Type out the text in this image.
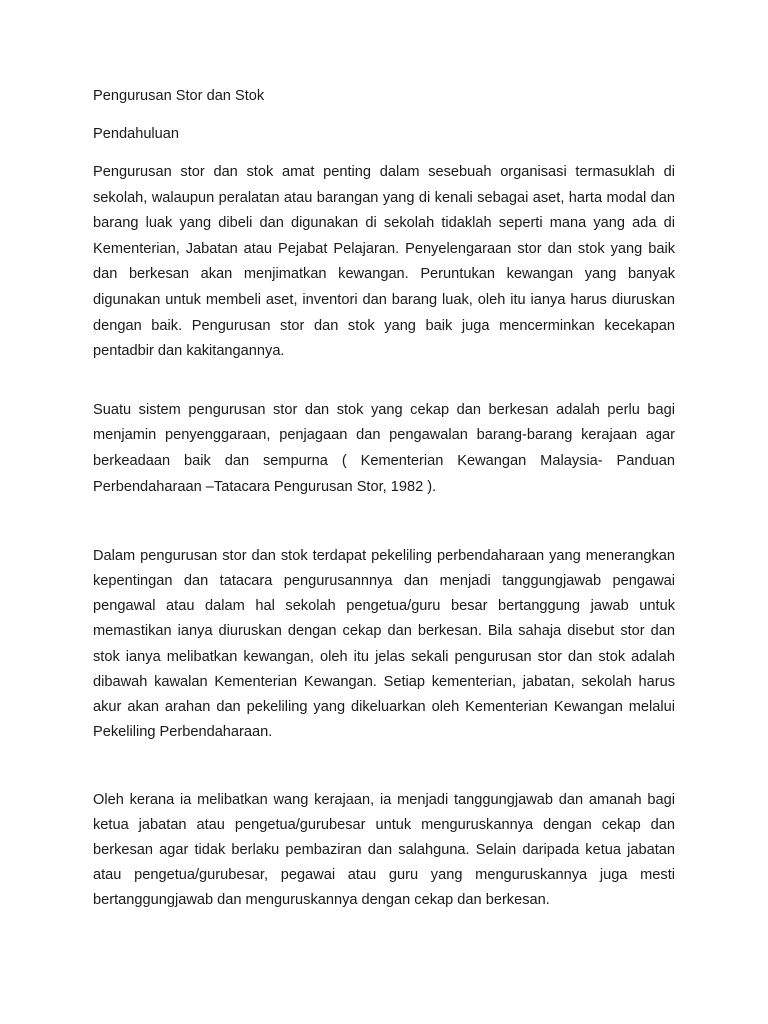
Pengurusan Stor dan Stok

Pendahuluan

Pengurusan stor dan stok amat penting dalam sesebuah organisasi termasuklah di sekolah, walaupun peralatan atau barangan yang di kenali sebagai aset, harta modal dan barang luak yang dibeli dan digunakan di sekolah tidaklah seperti mana yang ada di Kementerian, Jabatan atau Pejabat Pelajaran. Penyelengaraan stor dan stok yang baik dan berkesan akan menjimatkan kewangan. Peruntukan kewangan yang banyak digunakan untuk membeli aset, inventori dan barang luak, oleh itu ianya harus diuruskan dengan baik. Pengurusan stor dan stok yang baik juga mencerminkan kecekapan pentadbir dan kakitangannya.

Suatu sistem pengurusan stor dan stok yang cekap dan berkesan adalah perlu bagi menjamin penyenggaraan, penjagaan dan pengawalan barang-barang kerajaan agar berkeadaan baik dan sempurna ( Kementerian Kewangan Malaysia- Panduan Perbendaharaan –Tatacara Pengurusan Stor, 1982 ).

Dalam pengurusan stor dan stok terdapat pekeliling perbendaharaan yang menerangkan kepentingan dan tatacara pengurusannnya dan menjadi tanggungjawab pengawai pengawal atau dalam hal sekolah pengetua/guru besar bertanggung jawab untuk memastikan ianya diuruskan dengan cekap dan berkesan. Bila sahaja disebut stor dan stok ianya melibatkan kewangan, oleh itu jelas sekali pengurusan stor dan stok adalah dibawah kawalan Kementerian Kewangan. Setiap kementerian, jabatan, sekolah harus akur akan arahan dan pekeliling yang dikeluarkan oleh Kementerian Kewangan melalui Pekeliling Perbendaharaan.

Oleh kerana ia melibatkan wang kerajaan, ia menjadi tanggungjawab dan amanah bagi ketua jabatan atau pengetua/gurubesar untuk menguruskannya dengan cekap dan berkesan agar tidak berlaku pembaziran dan salahguna. Selain daripada ketua jabatan atau pengetua/gurubesar, pegawai atau guru yang menguruskannya juga mesti bertanggungjawab dan menguruskannya dengan cekap dan berkesan.
